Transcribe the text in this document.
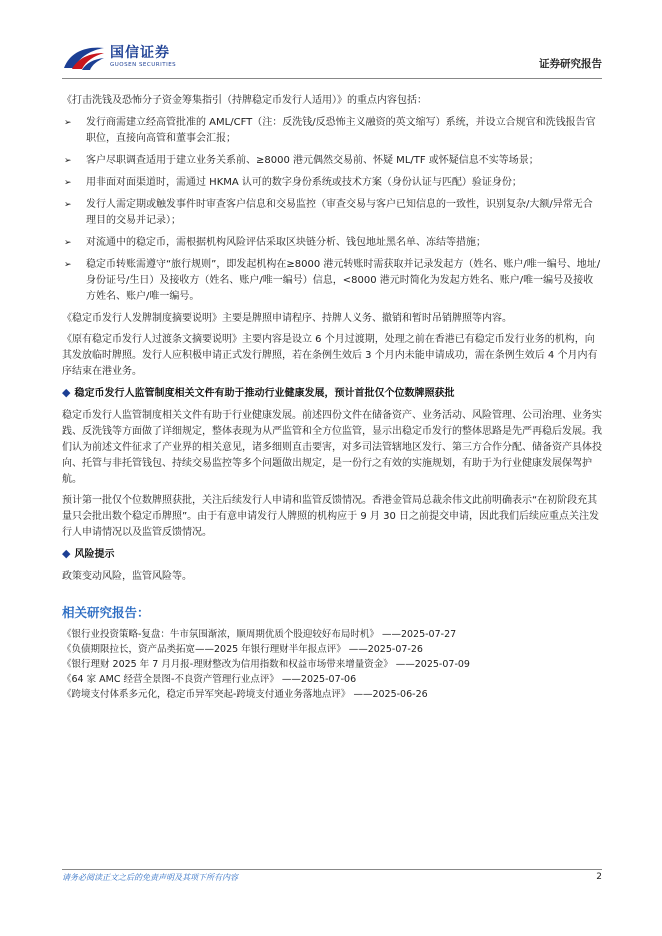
国信证券
GUOSEN SECURITIES	证券研究报告

《打击洗钱及恐怖分子资金筹集指引（持牌稳定币发行人适用）》的重点内容包括：

➢ 发行商需建立经高管批准的 AML/CFT（注：反洗钱/反恐怖主义融资的英文缩写）系统，并设立合规官和洗钱报告官职位，直接向高管和董事会汇报；
➢ 客户尽职调查适用于建立业务关系前、≥8000 港元偶然交易前、怀疑 ML/TF 或怀疑信息不实等场景；
➢ 用非面对面渠道时，需通过 HKMA 认可的数字身份系统或技术方案（身份认证与匹配）验证身份；
➢ 发行人需定期或触发事件时审查客户信息和交易监控（审查交易与客户已知信息的一致性，识别复杂/大额/异常无合理目的交易并记录）；
➢ 对流通中的稳定币，需根据机构风险评估采取区块链分析、钱包地址黑名单、冻结等措施；
➢ 稳定币转账需遵守“旅行规则”，即发起机构在≥8000 港元转账时需获取并记录发起方（姓名、账户/唯一编号、地址/身份证号/生日）及接收方（姓名、账户/唯一编号）信息，<8000 港元时简化为发起方姓名、账户/唯一编号及接收方姓名、账户/唯一编号。

《稳定币发行人发牌制度摘要说明》主要是牌照申请程序、持牌人义务、撤销和暂时吊销牌照等内容。

《原有稳定币发行人过渡条文摘要说明》主要内容是设立 6 个月过渡期，处理之前在香港已有稳定币发行业务的机构，向其发放临时牌照。发行人应积极申请正式发行牌照，若在条例生效后 3 个月内未能申请成功，需在条例生效后 4 个月内有序结束在港业务。

◆ 稳定币发行人监管制度相关文件有助于推动行业健康发展，预计首批仅个位数牌照获批

稳定币发行人监管制度相关文件有助于行业健康发展。前述四份文件在储备资产、业务活动、风险管理、公司治理、业务实践、反洗钱等方面做了详细规定，整体表现为从严监管和全方位监管，显示出稳定币发行的整体思路是先严再稳后发展。我们认为前述文件征求了产业界的相关意见，诸多细则直击要害，对多司法管辖地区发行、第三方合作分配、储备资产具体投向、托管与非托管钱包、持续交易监控等多个问题做出规定，是一份行之有效的实施规划，有助于为行业健康发展保驾护航。

预计第一批仅个位数牌照获批，关注后续发行人申请和监管反馈情况。香港金管局总裁余伟文此前明确表示“在初阶段充其量只会批出数个稳定币牌照”。由于有意申请发行人牌照的机构应于 9 月 30 日之前提交申请，因此我们后续应重点关注发行人申请情况以及监管反馈情况。

◆ 风险提示

政策变动风险，监管风险等。

相关研究报告：
《银行业投资策略-复盘：牛市氛围渐浓，顺周期优质个股迎较好布局时机》 ——2025-07-27
《负债期限拉长，资产品类拓宽——2025 年银行理财半年报点评》 ——2025-07-26
《银行理财 2025 年 7 月月报-理财整改为信用指数和权益市场带来增量资金》 ——2025-07-09
《64 家 AMC 经营全景图-不良资产管理行业点评》 ——2025-07-06
《跨境支付体系多元化，稳定币异军突起-跨境支付通业务落地点评》 ——2025-06-26
请务必阅读正文之后的免责声明及其项下所有内容	2
